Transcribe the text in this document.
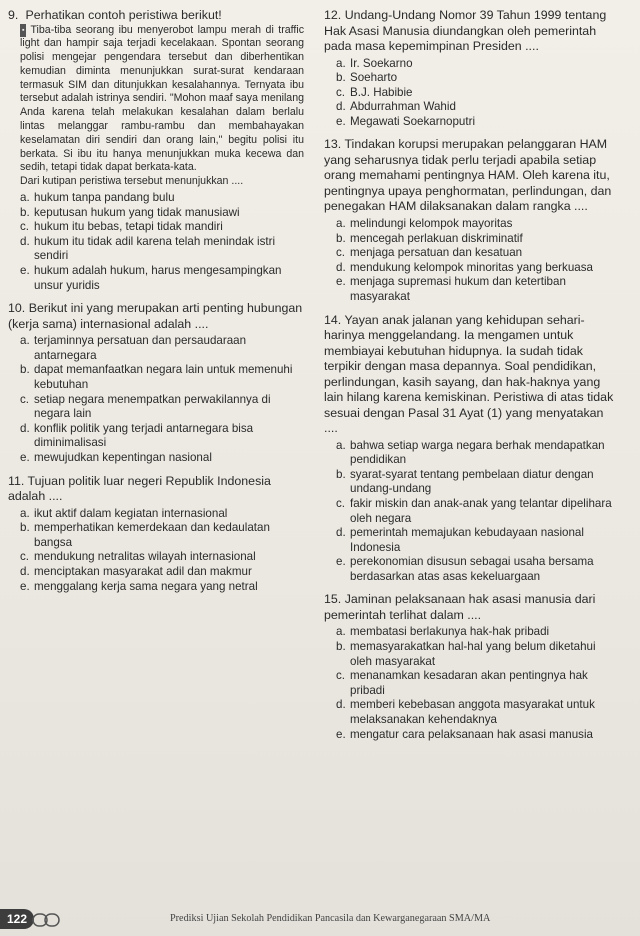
9. Perhatikan contoh peristiwa berikut!
▪ Tiba-tiba seorang ibu menyerobot lampu merah di traffic light dan hampir saja terjadi kecelakaan. Spontan seorang polisi mengejar pengendara tersebut dan diberhentikan kemudian diminta menunjukkan surat-surat kendaraan termasuk SIM dan ditunjukkan kesalahannya. Ternyata ibu tersebut adalah istrinya sendiri. "Mohon maaf saya menilang Anda karena telah melakukan kesalahan dalam berlalu lintas melanggar rambu-rambu dan membahayakan keselamatan diri sendiri dan orang lain," begitu polisi itu berkata. Si ibu itu hanya menunjukkan muka kecewa dan sedih, tetapi tidak dapat berkata-kata.
Dari kutipan peristiwa tersebut menunjukkan ....
a. hukum tanpa pandang bulu
b. keputusan hukum yang tidak manusiawi
c. hukum itu bebas, tetapi tidak mandiri
d. hukum itu tidak adil karena telah menindak istri sendiri
e. hukum adalah hukum, harus mengesampingkan unsur yuridis
10. Berikut ini yang merupakan arti penting hubungan (kerja sama) internasional adalah ....
a. terjaminnya persatuan dan persaudaraan antarnegara
b. dapat memanfaatkan negara lain untuk memenuhi kebutuhan
c. setiap negara menempatkan perwakilannya di negara lain
d. konflik politik yang terjadi antarnegara bisa diminimalisasi
e. mewujudkan kepentingan nasional
11. Tujuan politik luar negeri Republik Indonesia adalah ....
a. ikut aktif dalam kegiatan internasional
b. memperhatikan kemerdekaan dan kedaulatan bangsa
c. mendukung netralitas wilayah internasional
d. menciptakan masyarakat adil dan makmur
e. menggalang kerja sama negara yang netral
12. Undang-Undang Nomor 39 Tahun 1999 tentang Hak Asasi Manusia diundangkan oleh pemerintah pada masa kepemimpinan Presiden ....
a. Ir. Soekarno
b. Soeharto
c. B.J. Habibie
d. Abdurrahman Wahid
e. Megawati Soekarnoputri
13. Tindakan korupsi merupakan pelanggaran HAM yang seharusnya tidak perlu terjadi apabila setiap orang memahami pentingnya HAM. Oleh karena itu, pentingnya upaya penghormatan, perlindungan, dan penegakan HAM dilaksanakan dalam rangka ....
a. melindungi kelompok mayoritas
b. mencegah perlakuan diskriminatif
c. menjaga persatuan dan kesatuan
d. mendukung kelompok minoritas yang berkuasa
e. menjaga supremasi hukum dan ketertiban masyarakat
14. Yayan anak jalanan yang kehidupan sehari-harinya menggelandang. Ia mengamen untuk membiayai kebutuhan hidupnya. Ia sudah tidak terpikir dengan masa depannya. Soal pendidikan, perlindungan, kasih sayang, dan hak-haknya yang lain hilang karena kemiskinan. Peristiwa di atas tidak sesuai dengan Pasal 31 Ayat (1) yang menyatakan ....
a. bahwa setiap warga negara berhak mendapatkan pendidikan
b. syarat-syarat tentang pembelaan diatur dengan undang-undang
c. fakir miskin dan anak-anak yang telantar dipelihara oleh negara
d. pemerintah memajukan kebudayaan nasional Indonesia
e. perekonomian disusun sebagai usaha bersama berdasarkan atas asas kekeluargaan
15. Jaminan pelaksanaan hak asasi manusia dari pemerintah terlihat dalam ....
a. membatasi berlakunya hak-hak pribadi
b. memasyarakatkan hal-hal yang belum diketahui oleh masyarakat
c. menanamkan kesadaran akan pentingnya hak pribadi
d. memberi kebebasan anggota masyarakat untuk melaksanakan kehendaknya
e. mengatur cara pelaksanaan hak asasi manusia
122	Prediksi Ujian Sekolah Pendidikan Pancasila dan Kewarganegaraan SMA/MA
